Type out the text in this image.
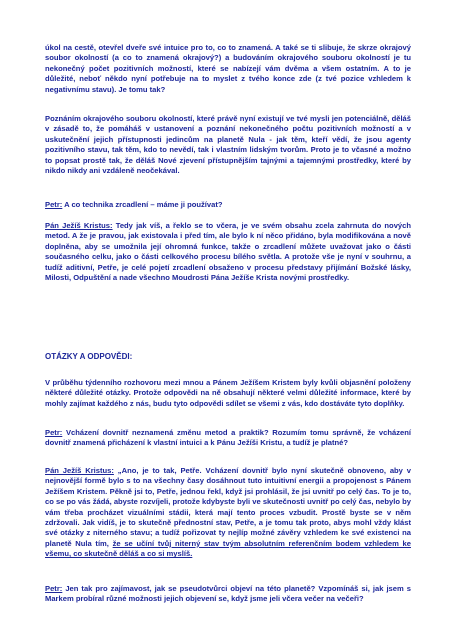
úkol na cestě, otevřel dveře své intuice pro to, co to znamená. A také se ti slibuje, že skrze okrajový soubor okolností (a co to znamená okrajový?) a budováním okrajového souboru okolností je tu nekonečný počet pozitivních možností, které se nabízejí vám dvěma a všem ostatním. A to je důležité, neboť někdo nyní potřebuje na to myslet z tvého konce zde (z tvé pozice vzhledem k negativnímu stavu). Je tomu tak?

Poznáním okrajového souboru okolností, které právě nyní existují ve tvé mysli jen potenciálně, děláš v zásadě to, že pomáháš v ustanovení a poznání nekonečného počtu pozitivních možností a v uskutečnění jejich přístupnosti jedincům na planetě Nula - jak těm, kteří vědí, že jsou agenty pozitivního stavu, tak těm, kdo to nevědí, tak i vlastním lidským tvorům. Proto je to včasné a možno to popsat prostě tak, že děláš Nové zjevení přístupnějším tajnými a tajemnými prostředky, které by nikdo nikdy ani vzdáleně neočekával.

Petr: A co technika zrcadlení – máme ji používat?

Pán Ježíš Kristus: Tedy jak víš, a řeklo se to včera, je ve svém obsahu zcela zahrnuta do nových metod. A že je pravou, jak existovala i před tím, ale bylo k ní něco přidáno, byla modifikována a nově doplněna, aby se umožnila její ohromná funkce, takže o zrcadlení můžete uvažovat jako o části současného celku, jako o části celkového procesu bílého světla. A protože vše je nyní v souhrnu, a tudíž aditivní, Petře, je celé pojetí zrcadlení obsaženo v procesu představy přijímání Božské lásky, Milosti, Odpuštění a nade všechno Moudrosti Pána Ježíše Krista novými prostředky.

OTÁZKY A ODPOVĚDI:

V průběhu týdenního rozhovoru mezi mnou a Pánem Ježíšem Kristem byly kvůli objasnění položeny některé důležité otázky. Protože odpovědi na ně obsahují některé velmi důležité informace, které by mohly zajímat každého z nás, budu tyto odpovědi sdílet se všemi z vás, kdo dostáváte tyto doplňky.

Petr: Vcházení dovnitř neznamená změnu metod a praktik? Rozumím tomu správně, že vcházení dovnitř znamená přicházení k vlastní intuici a k Pánu Ježíši Kristu, a tudíž je platné?

Pán Ježíš Kristus: „Ano, je to tak, Petře. Vcházení dovnitř bylo nyní skutečně obnoveno, aby v nejnovější formě bylo s to na všechny časy dosáhnout tuto intuitivní energii a propojenost s Pánem Ježíšem Kristem. Pěkně jsi to, Petře, jednou řekl, když jsi prohlásil, že jsi uvnitř po celý čas. To je to, co se po vás žádá, abyste rozvíjeli, protože kdybyste byli ve skutečnosti uvnitř po celý čas, nebylo by vám třeba procházet vizuálními stádii, která mají tento proces vzbudit. Prostě byste se v něm zdržovali. Jak vidíš, je to skutečně přednostní stav, Petře, a je tomu tak proto, abys mohl vždy klást své otázky z niterného stavu; a tudíž pořizovat ty nejlíp možné závěry vzhledem ke své existenci na planetě Nula tím, že se učíní tvůj niterný stav tvým absolutním referenčním bodem vzhledem ke všemu, co skutečně děláš a co si myslíš.

Petr: Jen tak pro zajímavost, jak se pseudotvůrci objeví na této planetě? Vzpomínáš si, jak jsem s Markem probíral různé možnosti jejich objevení se, když jsme jeli včera večer na večeři?
